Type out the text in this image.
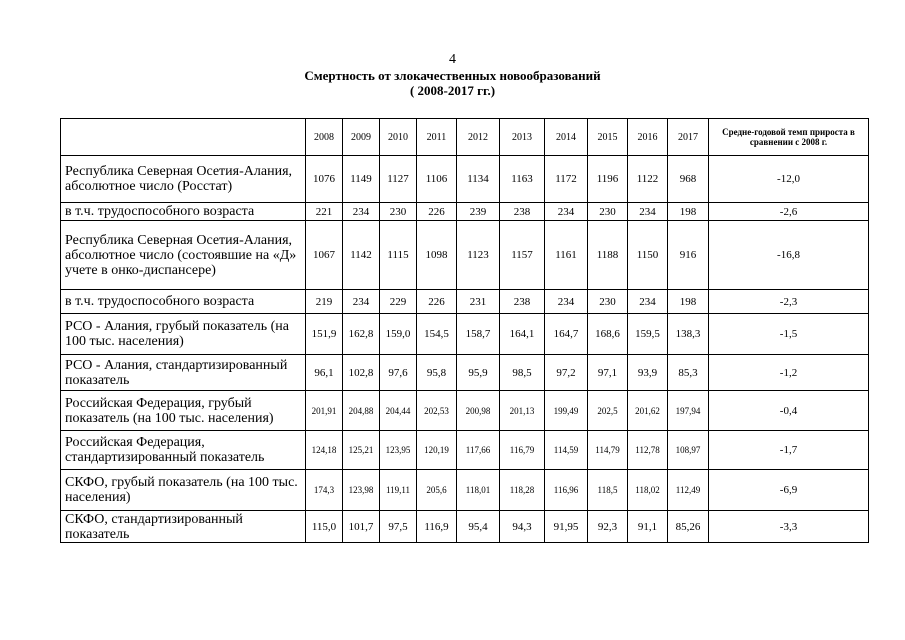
4
Смертность от злокачественных новообразований
( 2008-2017 гг.)
	2008	2009	2010	2011	2012	2013	2014	2015	2016	2017	Средне-годовой темп прироста в сравнении с 2008 г.
Республика Северная Осетия-Алания, абсолютное число (Росстат)	1076	1149	1127	1106	1134	1163	1172	1196	1122	968	-12,0
в т.ч. трудоспособного возраста	221	234	230	226	239	238	234	230	234	198	-2,6
Республика Северная Осетия-Алания, абсолютное число (состоявшие на «Д» учете в онко-диспансере)	1067	1142	1115	1098	1123	1157	1161	1188	1150	916	-16,8
в т.ч. трудоспособного возраста	219	234	229	226	231	238	234	230	234	198	-2,3
РСО - Алания, грубый показатель (на 100 тыс. населения)	151,9	162,8	159,0	154,5	158,7	164,1	164,7	168,6	159,5	138,3	-1,5
РСО - Алания, стандартизированный показатель	96,1	102,8	97,6	95,8	95,9	98,5	97,2	97,1	93,9	85,3	-1,2
Российская Федерация, грубый показатель (на 100 тыс. населения)	201,91	204,88	204,44	202,53	200,98	201,13	199,49	202,5	201,62	197,94	-0,4
Российская Федерация, стандартизированный показатель	124,18	125,21	123,95	120,19	117,66	116,79	114,59	114,79	112,78	108,97	-1,7
СКФО, грубый показатель (на 100 тыс. населения)	174,3	123,98	119,11	205,6	118,01	118,28	116,96	118,5	118,02	112,49	-6,9
СКФО, стандартизированный показатель	115,0	101,7	97,5	116,9	95,4	94,3	91,95	92,3	91,1	85,26	-3,3
